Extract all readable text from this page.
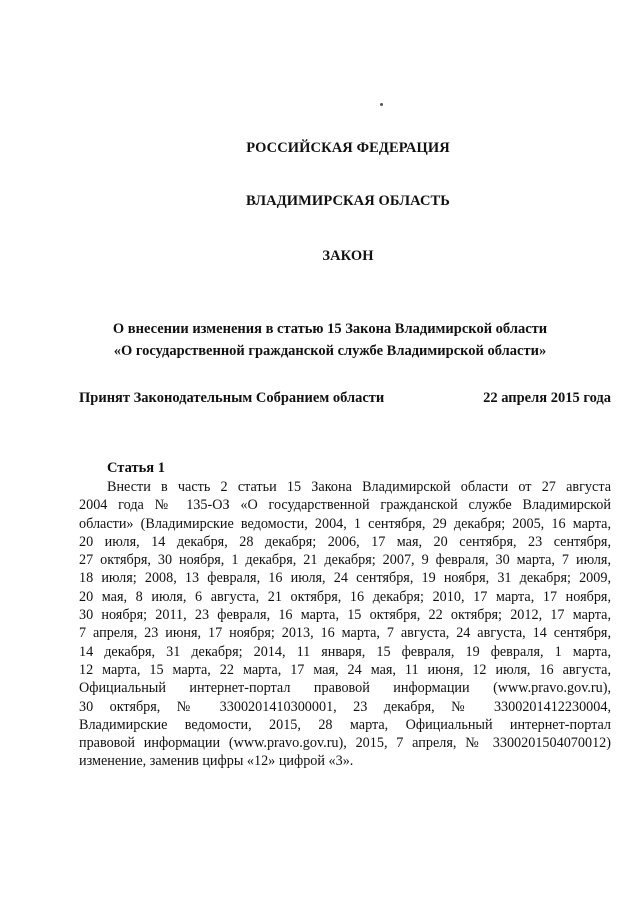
РОССИЙСКАЯ ФЕДЕРАЦИЯ
ВЛАДИМИРСКАЯ ОБЛАСТЬ
ЗАКОН
О внесении изменения в статью 15 Закона Владимирской области
«О государственной гражданской службе Владимирской области»
Принят Законодательным Собранием области	22 апреля 2015 года
Статья 1
Внести в часть 2 статьи 15 Закона Владимирской области от 27 августа
2004 года № 135-ОЗ «О государственной гражданской службе Владимирской
области» (Владимирские ведомости, 2004, 1 сентября, 29 декабря; 2005, 16 марта,
20 июля, 14 декабря, 28 декабря; 2006, 17 мая, 20 сентября, 23 сентября,
27 октября, 30 ноября, 1 декабря, 21 декабря; 2007, 9 февраля, 30 марта, 7 июля,
18 июля; 2008, 13 февраля, 16 июля, 24 сентября, 19 ноября, 31 декабря; 2009,
20 мая, 8 июля, 6 августа, 21 октября, 16 декабря; 2010, 17 марта, 17 ноября,
30 ноября; 2011, 23 февраля, 16 марта, 15 октября, 22 октября; 2012, 17 марта,
7 апреля, 23 июня, 17 ноября; 2013, 16 марта, 7 августа, 24 августа, 14 сентября,
14 декабря, 31 декабря; 2014, 11 января, 15 февраля, 19 февраля, 1 марта,
12 марта, 15 марта, 22 марта, 17 мая, 24 мая, 11 июня, 12 июля, 16 августа,
Официальный интернет-портал правовой информации (www.pravo.gov.ru),
30 октября, № 3300201410300001, 23 декабря, № 3300201412230004,
Владимирские ведомости, 2015, 28 марта, Официальный интернет-портал
правовой информации (www.pravo.gov.ru), 2015, 7 апреля, № 3300201504070012)
изменение, заменив цифры «12» цифрой «3».
